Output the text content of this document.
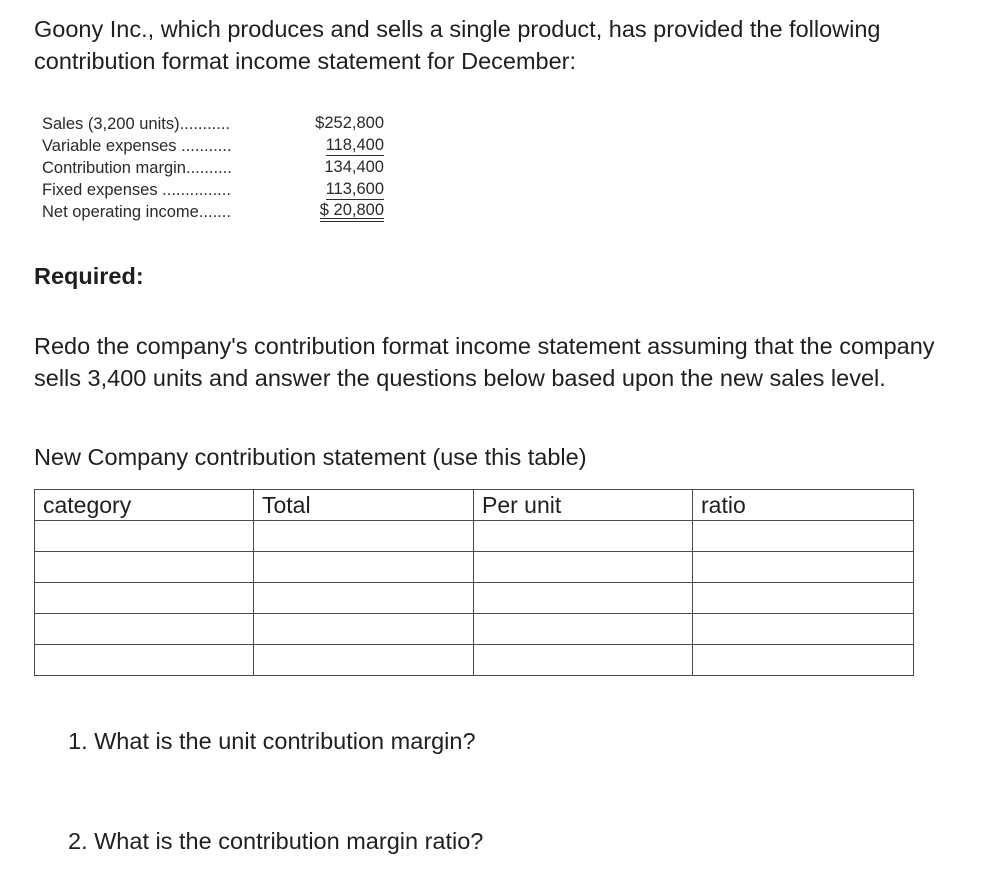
Goony Inc., which produces and sells a single product, has provided the following contribution format income statement for December:

Sales (3,200 units)...........	$252,800
Variable expenses ...........	118,400
Contribution margin..........	134,400
Fixed expenses ...............	113,600
Net operating income.......	$ 20,800

Required:

Redo the company's contribution format income statement assuming that the company sells 3,400 units and answer the questions below based upon the new sales level.

New Company contribution statement (use this table)

category	Total	Per unit	ratio

1. What is the unit contribution margin?

2. What is the contribution margin ratio?
